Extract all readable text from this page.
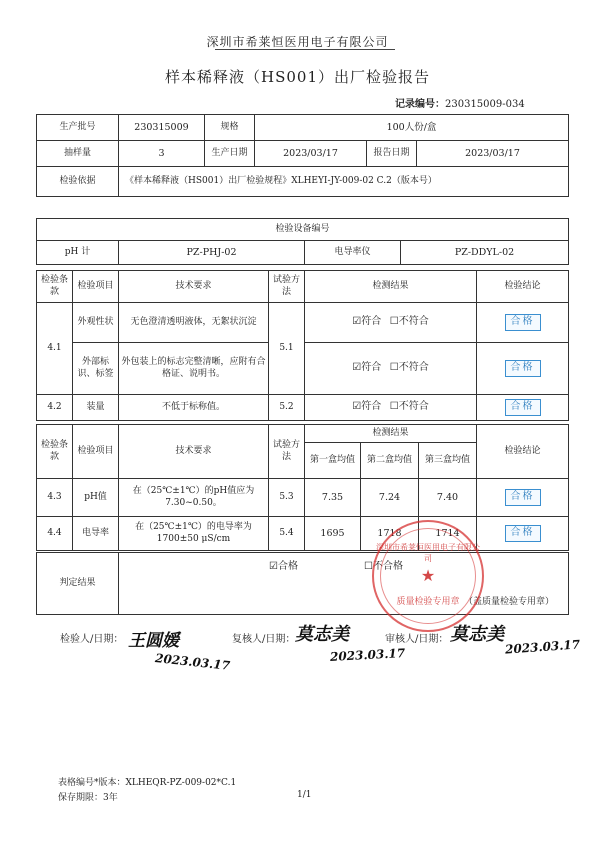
深圳市希莱恒医用电子有限公司
样本稀释液（HS001）出厂检验报告
记录编号：230315009-034
生产批号	230315009	规格	100人份/盒		
抽样量	3	生产日期	2023/03/17	报告日期	2023/03/17
检验依据	《样本稀释液（HS001）出厂检验规程》XLHEYI-JY-009-02 C.2（版本号）				
检验设备编号
pH 计	PZ-PHJ-02	电导率仪	PZ-DDYL-02
检验条款	检验项目	技术要求	试验方法	检测结果	检验结论
4.1	外观性状	无色澄清透明液体，无絮状沉淀	5.1	☑符合 ☐不符合	合格
	外部标识、标签	外包装上的标志完整清晰，应附有合格证、说明书。		☑符合 ☐不符合	合格
4.2	装量	不低于标称值。	5.2	☑符合 ☐不符合	合格
检验条款	检验项目	技术要求	试验方法	检测结果			检验结论
				第一盒均值	第二盒均值	第三盒均值	
4.3	pH值	在（25℃±1℃）的pH值应为7.30~0.50。	5.3	7.35	7.24	7.40	合格
4.4	电导率	在（25℃±1℃）的电导率为1700±50 μS/cm	5.4	1695	1718	1714	合格
判定结果	
☑合格	☐不合格
（盖质量检验专用章）
深圳市希莱恒医用电子有限公司
★
质量检验专用章
检验人/日期： 王圆媛
2023.03.17
复核人/日期： 莫志美
2023.03.17
审核人/日期： 莫志美
2023.03.17
表格编号*版本：XLHEQR-PZ-009-02*C.1
保存期限：3年	1/1
